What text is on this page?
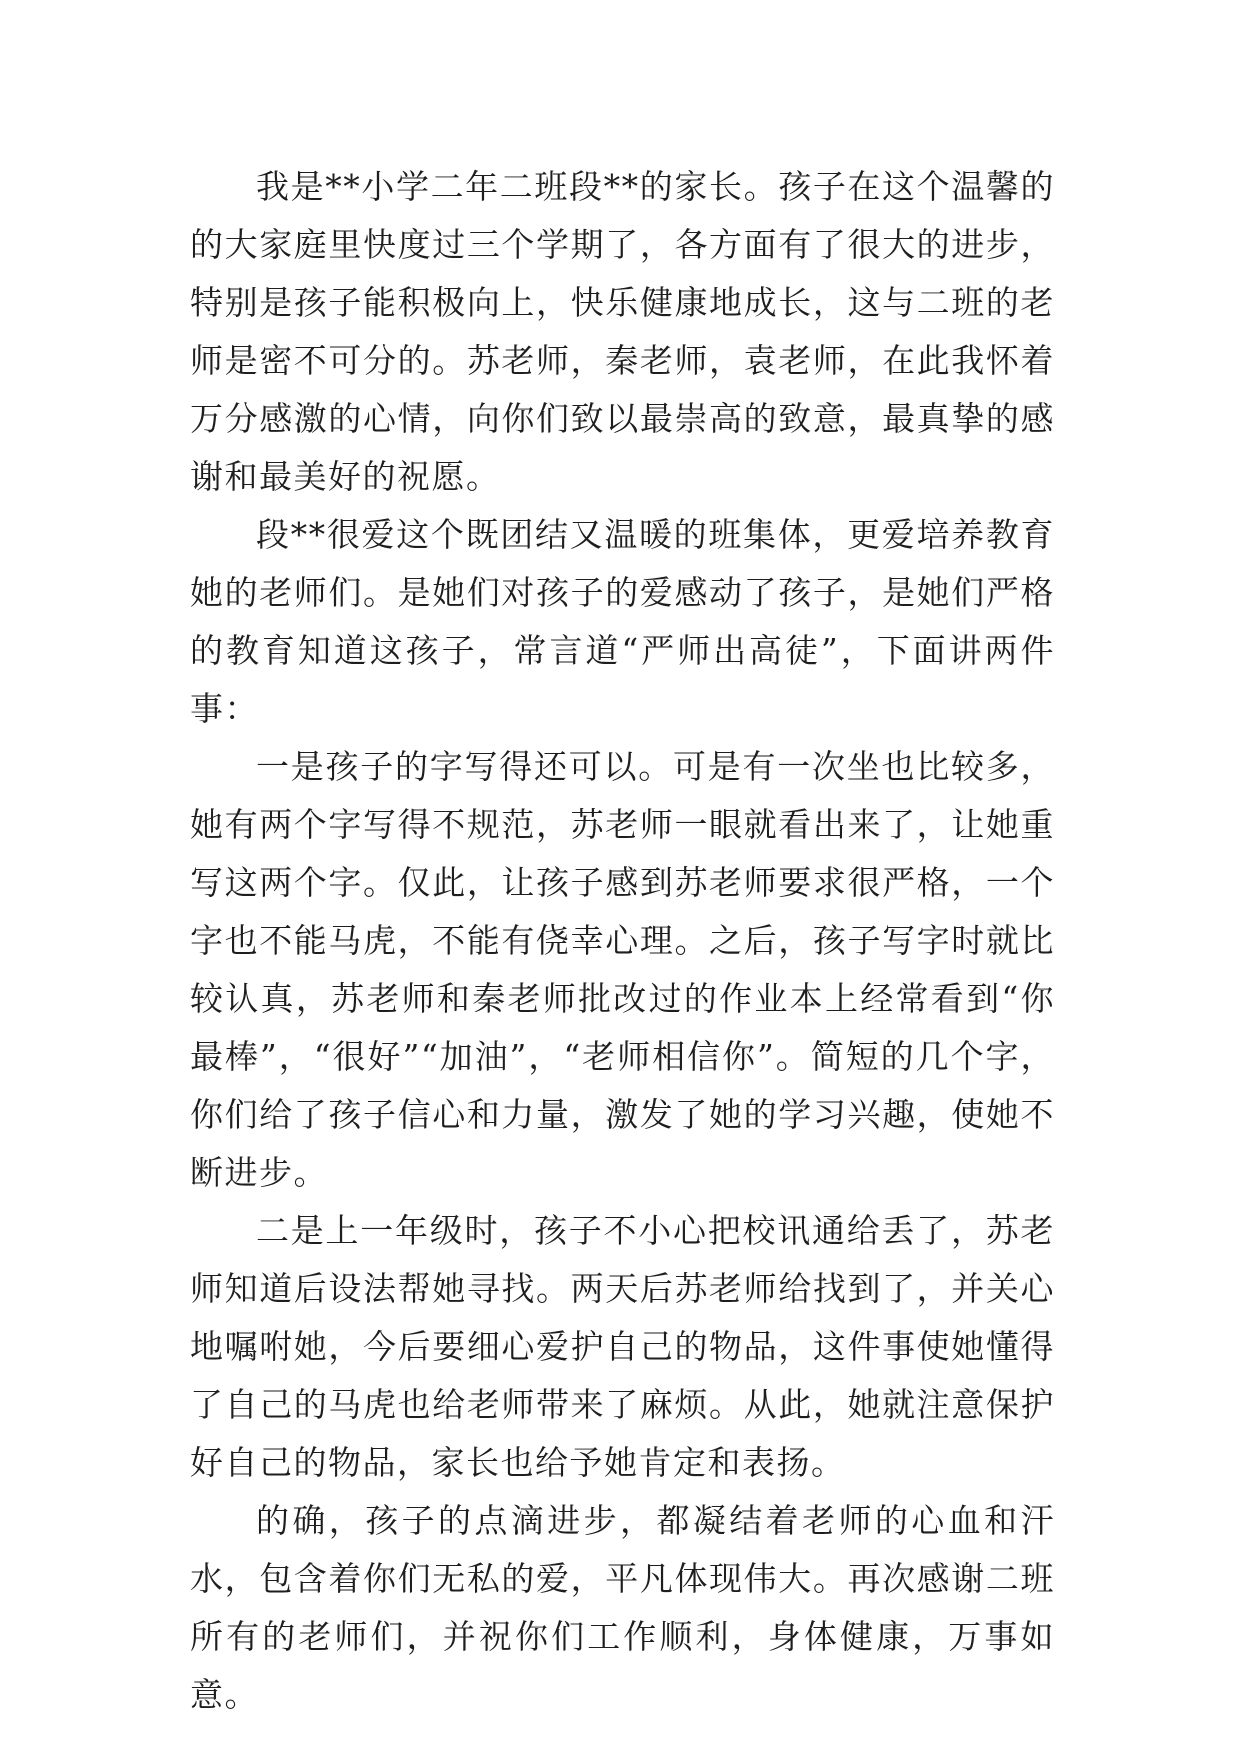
我是**小学二年二班段**的家长。孩子在这个温馨的的大家庭里快度过三个学期了，各方面有了很大的进步，特别是孩子能积极向上，快乐健康地成长，这与二班的老师是密不可分的。苏老师，秦老师，袁老师，在此我怀着万分感激的心情，向你们致以最崇高的致意，最真挚的感谢和最美好的祝愿。

段**很爱这个既团结又温暖的班集体，更爱培养教育她的老师们。是她们对孩子的爱感动了孩子，是她们严格的教育知道这孩子，常言道“严师出高徒”，下面讲两件事：

一是孩子的字写得还可以。可是有一次坐也比较多，她有两个字写得不规范，苏老师一眼就看出来了，让她重写这两个字。仅此，让孩子感到苏老师要求很严格，一个字也不能马虎，不能有侥幸心理。之后，孩子写字时就比较认真，苏老师和秦老师批改过的作业本上经常看到“你最棒”，“很好”“加油”，“老师相信你”。简短的几个字，你们给了孩子信心和力量，激发了她的学习兴趣，使她不断进步。

二是上一年级时，孩子不小心把校讯通给丢了，苏老师知道后设法帮她寻找。两天后苏老师给找到了，并关心地嘱咐她，今后要细心爱护自己的物品，这件事使她懂得了自己的马虎也给老师带来了麻烦。从此，她就注意保护好自己的物品，家长也给予她肯定和表扬。

的确，孩子的点滴进步，都凝结着老师的心血和汗水，包含着你们无私的爱，平凡体现伟大。再次感谢二班所有的老师们，并祝你们工作顺利，身体健康，万事如意。
